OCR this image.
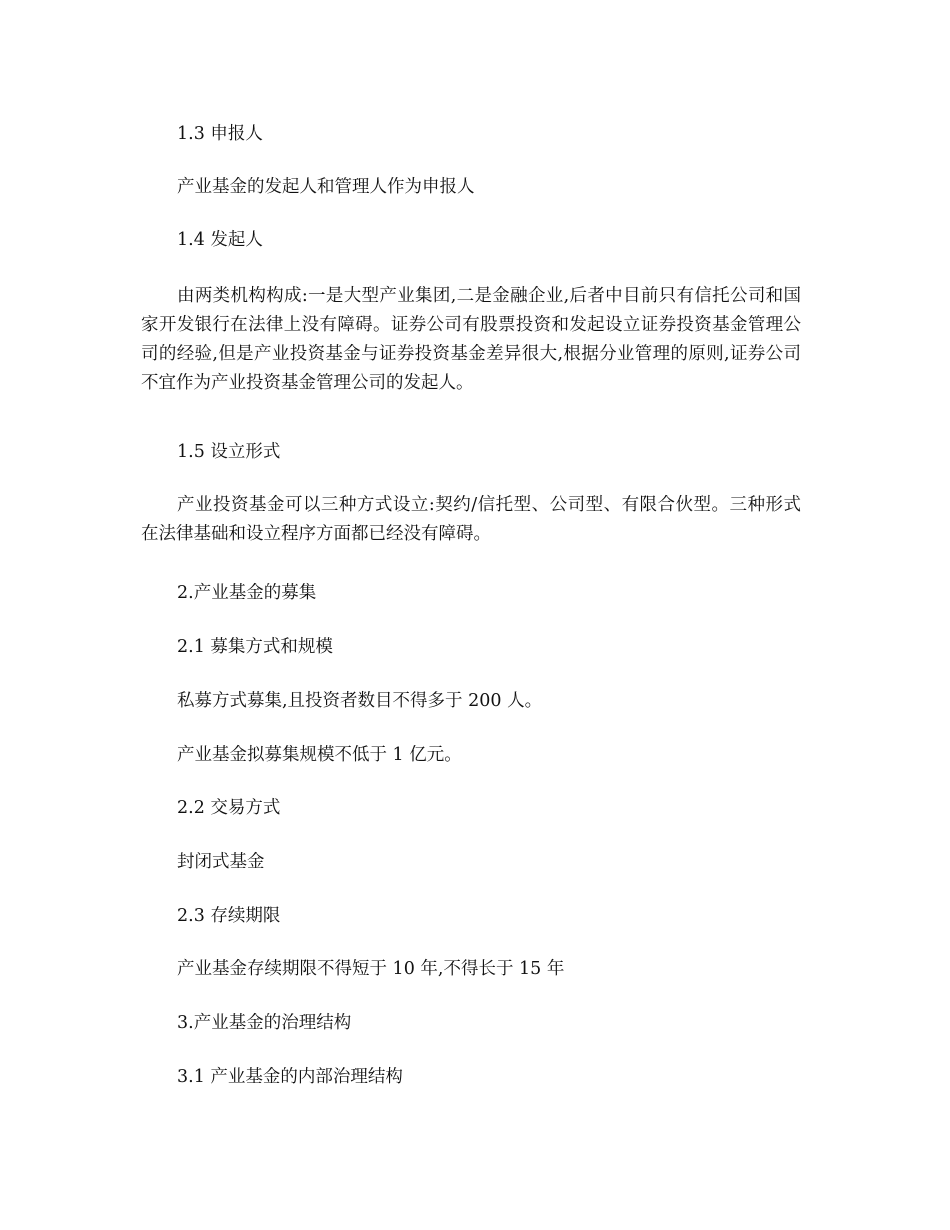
1.3 申报人

产业基金的发起人和管理人作为申报人

1.4 发起人

由两类机构构成:一是大型产业集团,二是金融企业,后者中目前只有信托公司和国家开发银行在法律上没有障碍。证券公司有股票投资和发起设立证券投资基金管理公司的经验,但是产业投资基金与证券投资基金差异很大,根据分业管理的原则,证券公司不宜作为产业投资基金管理公司的发起人。

1.5 设立形式

产业投资基金可以三种方式设立:契约/信托型、公司型、有限合伙型。三种形式在法律基础和设立程序方面都已经没有障碍。

2.产业基金的募集

2.1 募集方式和规模

私募方式募集,且投资者数目不得多于 200 人。

产业基金拟募集规模不低于 1 亿元。

2.2 交易方式

封闭式基金

2.3 存续期限

产业基金存续期限不得短于 10 年,不得长于 15 年

3.产业基金的治理结构

3.1 产业基金的内部治理结构
